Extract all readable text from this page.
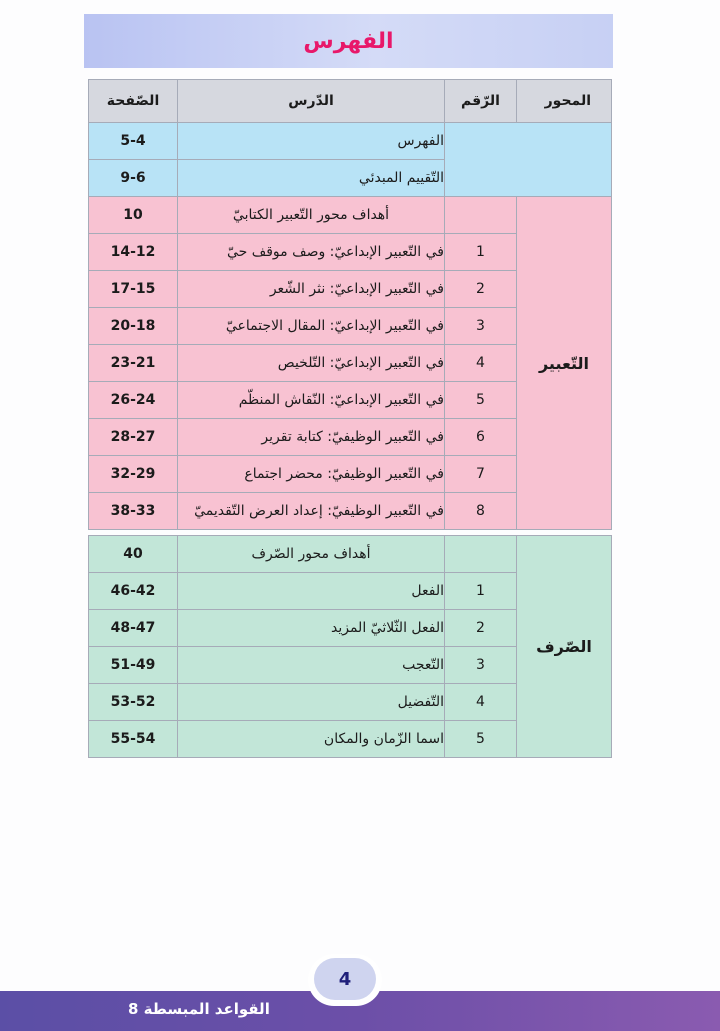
الفهرس
المحور	الرّقم	الدّرس	الصّفحة
		الفهرس	5-4
		التّقييم المبدئي	9-6
التّعبير		أهداف محور التّعبير الكتابيّ	10
	1	في التّعبير الإبداعيّ: وصف موقف حيّ	14-12
	2	في التّعبير الإبداعيّ: نثر الشّعر	17-15
	3	في التّعبير الإبداعيّ: المقال الاجتماعيّ	20-18
	4	في التّعبير الإبداعيّ: التّلخيص	23-21
	5	في التّعبير الإبداعيّ: النّقاش المنظّم	26-24
	6	في التّعبير الوظيفيّ: كتابة تقرير	28-27
	7	في التّعبير الوظيفيّ: محضر اجتماع	32-29
	8	في التّعبير الوظيفيّ: إعداد العرض التّقديميّ	38-33

الصّرف		أهداف محور الصّرف	40
	1	الفعل	46-42
	2	الفعل الثّلاثيّ المزيد	48-47
	3	التّعجب	51-49
	4	التّفضيل	53-52
	5	اسما الزّمان والمكان	55-54
القواعد المبسطة 8
4
